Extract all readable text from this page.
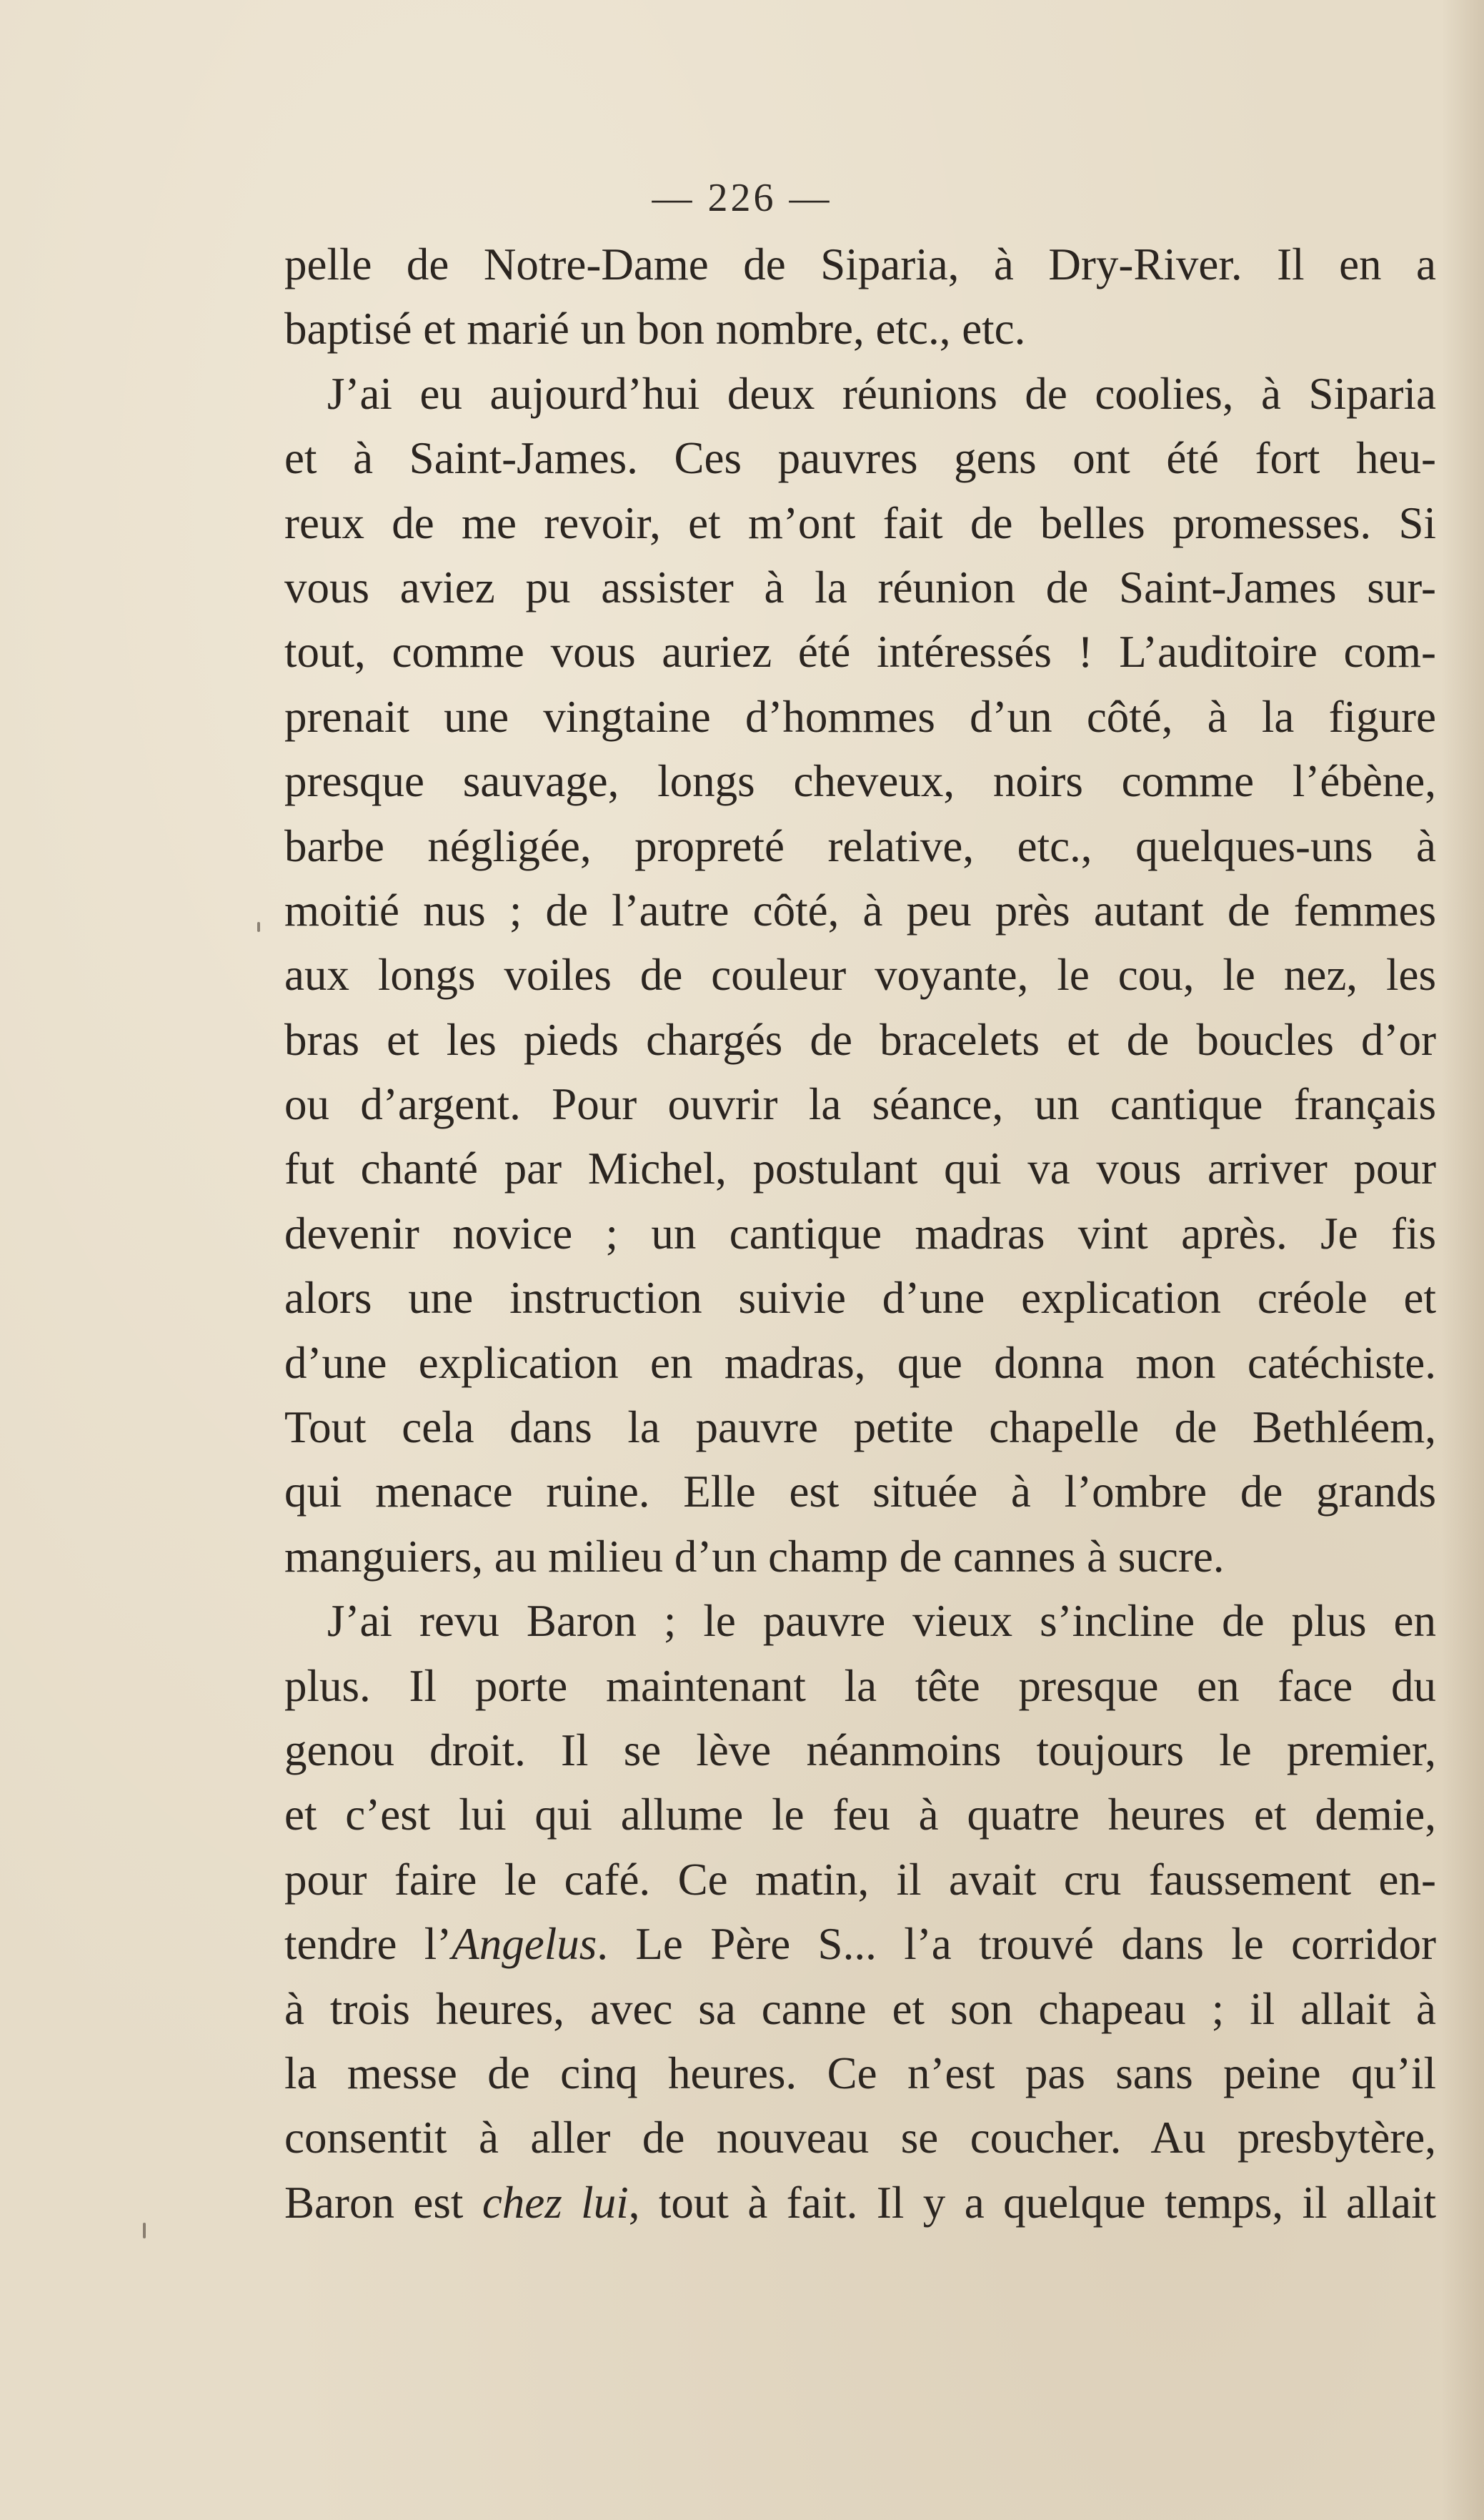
— 226 —
pelle de Notre-Dame de Siparia, à Dry-River. Il en a
baptisé et marié un bon nombre, etc., etc.
J’ai eu aujourd’hui deux réunions de coolies, à Siparia
et à Saint-James. Ces pauvres gens ont été fort heu-
reux de me revoir, et m’ont fait de belles promesses. Si
vous aviez pu assister à la réunion de Saint-James sur-
tout, comme vous auriez été intéressés ! L’auditoire com-
prenait une vingtaine d’hommes d’un côté, à la figure
presque sauvage, longs cheveux, noirs comme l’ébène,
barbe négligée, propreté relative, etc., quelques-uns à
moitié nus ; de l’autre côté, à peu près autant de femmes
aux longs voiles de couleur voyante, le cou, le nez, les
bras et les pieds chargés de bracelets et de boucles d’or
ou d’argent. Pour ouvrir la séance, un cantique français
fut chanté par Michel, postulant qui va vous arriver pour
devenir novice ; un cantique madras vint après. Je fis
alors une instruction suivie d’une explication créole et
d’une explication en madras, que donna mon catéchiste.
Tout cela dans la pauvre petite chapelle de Bethléem,
qui menace ruine. Elle est située à l’ombre de grands
manguiers, au milieu d’un champ de cannes à sucre.
J’ai revu Baron ; le pauvre vieux s’incline de plus en
plus. Il porte maintenant la tête presque en face du
genou droit. Il se lève néanmoins toujours le premier,
et c’est lui qui allume le feu à quatre heures et demie,
pour faire le café. Ce matin, il avait cru faussement en-
tendre l’Angelus. Le Père S... l’a trouvé dans le corridor
à trois heures, avec sa canne et son chapeau ; il allait à
la messe de cinq heures. Ce n’est pas sans peine qu’il
consentit à aller de nouveau se coucher. Au presbytère,
Baron est chez lui, tout à fait. Il y a quelque temps, il allait
